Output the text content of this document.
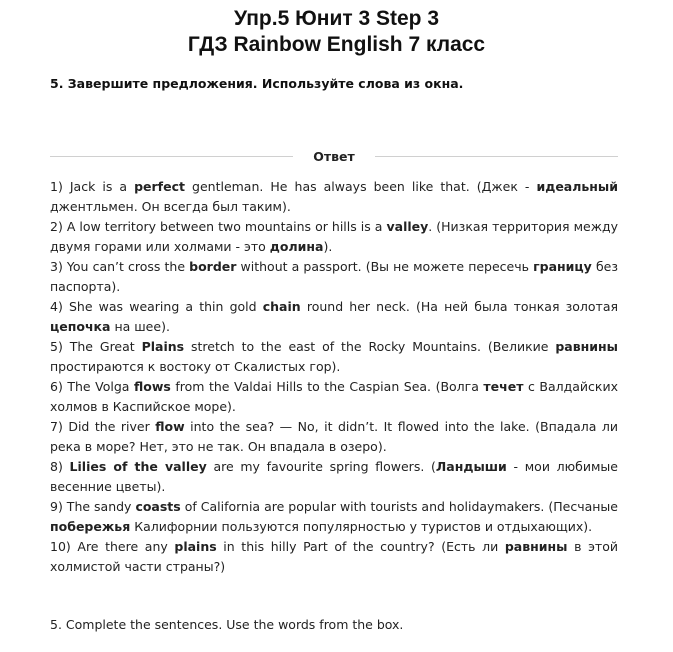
Упр.5 Юнит 3 Step 3
ГДЗ Rainbow English 7 класс
5. Завершите предложения. Используйте слова из окна.
Ответ
1) Jack is a perfect gentleman. He has always been like that. (Джек - идеальный джентльмен. Он всегда был таким).
2) A low territory between two mountains or hills is a valley. (Низкая территория между двумя горами или холмами - это долина).
3) You can’t cross the border without a passport. (Вы не можете пересечь границу без паспорта).
4) She was wearing a thin gold chain round her neck. (На ней была тонкая золотая цепочка на шее).
5) The Great Plains stretch to the east of the Rocky Mountains. (Великие равнины простираются к востоку от Скалистых гор).
6) The Volga flows from the Valdai Hills to the Caspian Sea. (Волга течет с Валдайских холмов в Каспийское море).
7) Did the river flow into the sea? — No, it didn’t. It flowed into the lake. (Впадала ли река в море? Нет, это не так. Он впадала в озеро).
8) Lilies of the valley are my favourite spring flowers. (Ландыши - мои любимые весенние цветы).
9) The sandy coasts of California are popular with tourists and holidaymakers. (Песчаные побережья Калифорнии пользуются популярностью у туристов и отдыхающих).
10) Are there any plains in this hilly Part of the country? (Есть ли равнины в этой холмистой части страны?)
5. Complete the sentences. Use the words from the box.
